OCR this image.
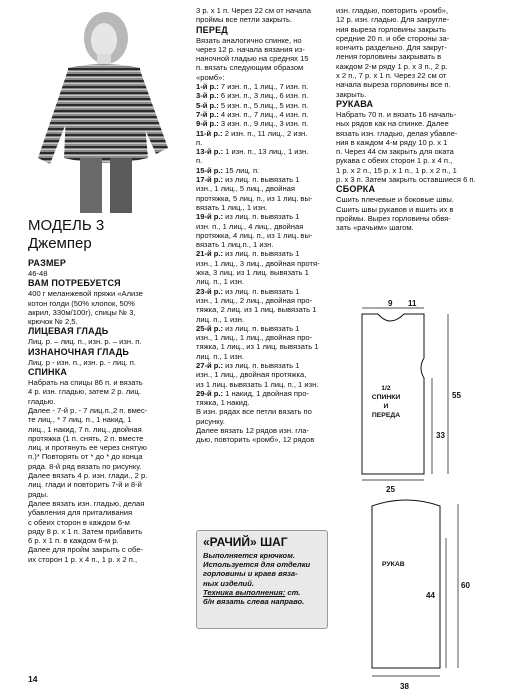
МОДЕЛЬ 3
Джемпер

РАЗМЕР

46-48

ВАМ ПОТРЕБУЕТСЯ

400 г меланжевой пряжи «Ализе
котон голди (50% хлопок, 50%
акрил, 330м/100г), спицы № 3,
крючок № 2,5.

ЛИЦЕВАЯ ГЛАДЬ

Лиц. р. – лиц. п., изн. р. – изн. п.

ИЗНАНОЧНАЯ ГЛАДЬ

Лиц. р - изн. п., изн. р. - лиц. п.

СПИНКА

Набрать на спицы 86 п. и вязать
4 р. изн. гладью, затем 2 р. лиц.
гладью.
Далее - 7-й р. - 7 лиц.п.,2 п. вмес-
те лиц., * 7 лиц. п., 1 накид, 1
лиц., 1 накид, 7 п. лиц., двойная
протяжка (1 п. снять, 2 п. вместе
лиц. и протянуть ее через снятую
п.)* Повторять от * до * до конца
ряда. 8-й ряд вязать по рисунку.
Далее вязать 4 р. изн. глади., 2 р.
лиц. глади и повторить 7-й и 8-й
ряды.
Далее вязать изн. гладью, делая
убавления для приталивания
с обеих сторон в каждом 6-м
ряду 8 р. х 1 п. Затем прибавить
6 р. х 1 п. в каждом 6-м р.
Далее для пройм закрыть с обе-
их сторон 1 р. х 4 п., 1 р. х 2 п.,
3 р. х 1 п. Через 22 см от начала
проймы все петли закрыть.

ПЕРЕД

Вязать аналогично спинке, но
через 12 р. начала вязания из-
наночной гладью на среднях 15
п. вязать следующим образом
«ромб»:
1-й р.: 7 изн. п., 1 лиц., 7 изн. п.
3-й р.: 6 изн. п., 3 лиц., 6 изн. п.
5-й р.: 5 изн. п., 5 лиц., 5 изн. п.
7-й р.: 4 изн. п., 7 лиц., 4 изн. п.
9-й р.: 3 изн. п., 9 лиц., 3 изн. п.
11-й р.: 2 изн. п., 11 лиц., 2 изн.
п.
13-й р.: 1 изн. п., 13 лиц., 1 изн.
п.
15-й р.: 15 лиц. п.
17-й р.: из лиц. п. вывязать 1
изн., 1 лиц., 5 лиц., двойная
протяжка, 5 лиц. п., из 1 лиц. вы-
вязать 1 лиц., 1 изн.
19-й р.: из лиц. п. вывязать 1
изн. п., 1 лиц., 4 лиц., двойная
протяжка, 4 лиц. п., из 1 лиц. вы-
вязать 1 лиц.п., 1 изн.
21-й р.: из лиц. п. вывязать 1
изн., 1 лиц., 3 лиц., двойная протя-
жка, 3 лиц. из 1 лиц. вывязать 1
лиц. п., 1 изн.
23-й р.: из лиц. п. вывязать 1
изн., 1 лиц., 2 лиц., двойная про-
тяжка, 2 лиц. из 1 лиц. вывязать 1
лиц. п., 1 изн.
25-й р.: из лиц. п. вывязать 1
изн., 1 лиц., 1 лиц., двойная про-
тяжка, 1 лиц., из 1 лиц. вывязать 1
лиц. п., 1 изн.
27-й р.: из лиц. п. вывязать 1
изн., 1 лиц., двойная протяжка,
из 1 лиц. вывязать 1 лиц. п., 1 изн.
29-й р.: 1 накид, 1 двойная про-
тяжка, 1 накид.
В изн. рядах все петли вязать по
рисунку.
Далее вязать 12 рядов изн. гла-
дью, повторить «ромб», 12 рядов
«РАЧИЙ» ШАГ
Выполняется крючком.
Используется для отделки
горловины и краев вяза-
ных изделий.
Техника выполнения: ст.
б/н вязать слева направо.
изн. гладью, повторить «ромб»,
12 р. изн. гладью. Для закругле-
ния выреза горловины закрыть
средние 20 п. и обе стороны за-
кончить раздельно. Для закруг-
ления горловины закрывать в
каждом 2-м ряду 1 р. х 3 п., 2 р.
х 2 п., 7 р. х 1 п. Через 22 см от
начала выреза горловины все п.
закрыть.

РУКАВА

Набрать 70 п. и вязать 16 началь-
ных рядов как на спинке. Далее
вязать изн. гладью, делая убавле-
ния в каждом 4-м ряду 10 р. х 1
п. Через 44 см закрыть для оката
рукава с обеих сторон 1 р. х 4 п.,
1 р. х 2 п., 15 р. х 1 п., 1 р. х 2 п., 1
р. х 3 п. Затем закрыть оставшиеся 6 п.

СБОРКА

Сшить плечевые и боковые швы.
Сшить швы рукавов и вшить их в
проймы. Вырез горловины обвя-
зать «рачьим» шагом.
9 11
1/2
СПИНКИ
И
ПЕРЕДА
55
33
25
РУКАВ
60
44
38
14
